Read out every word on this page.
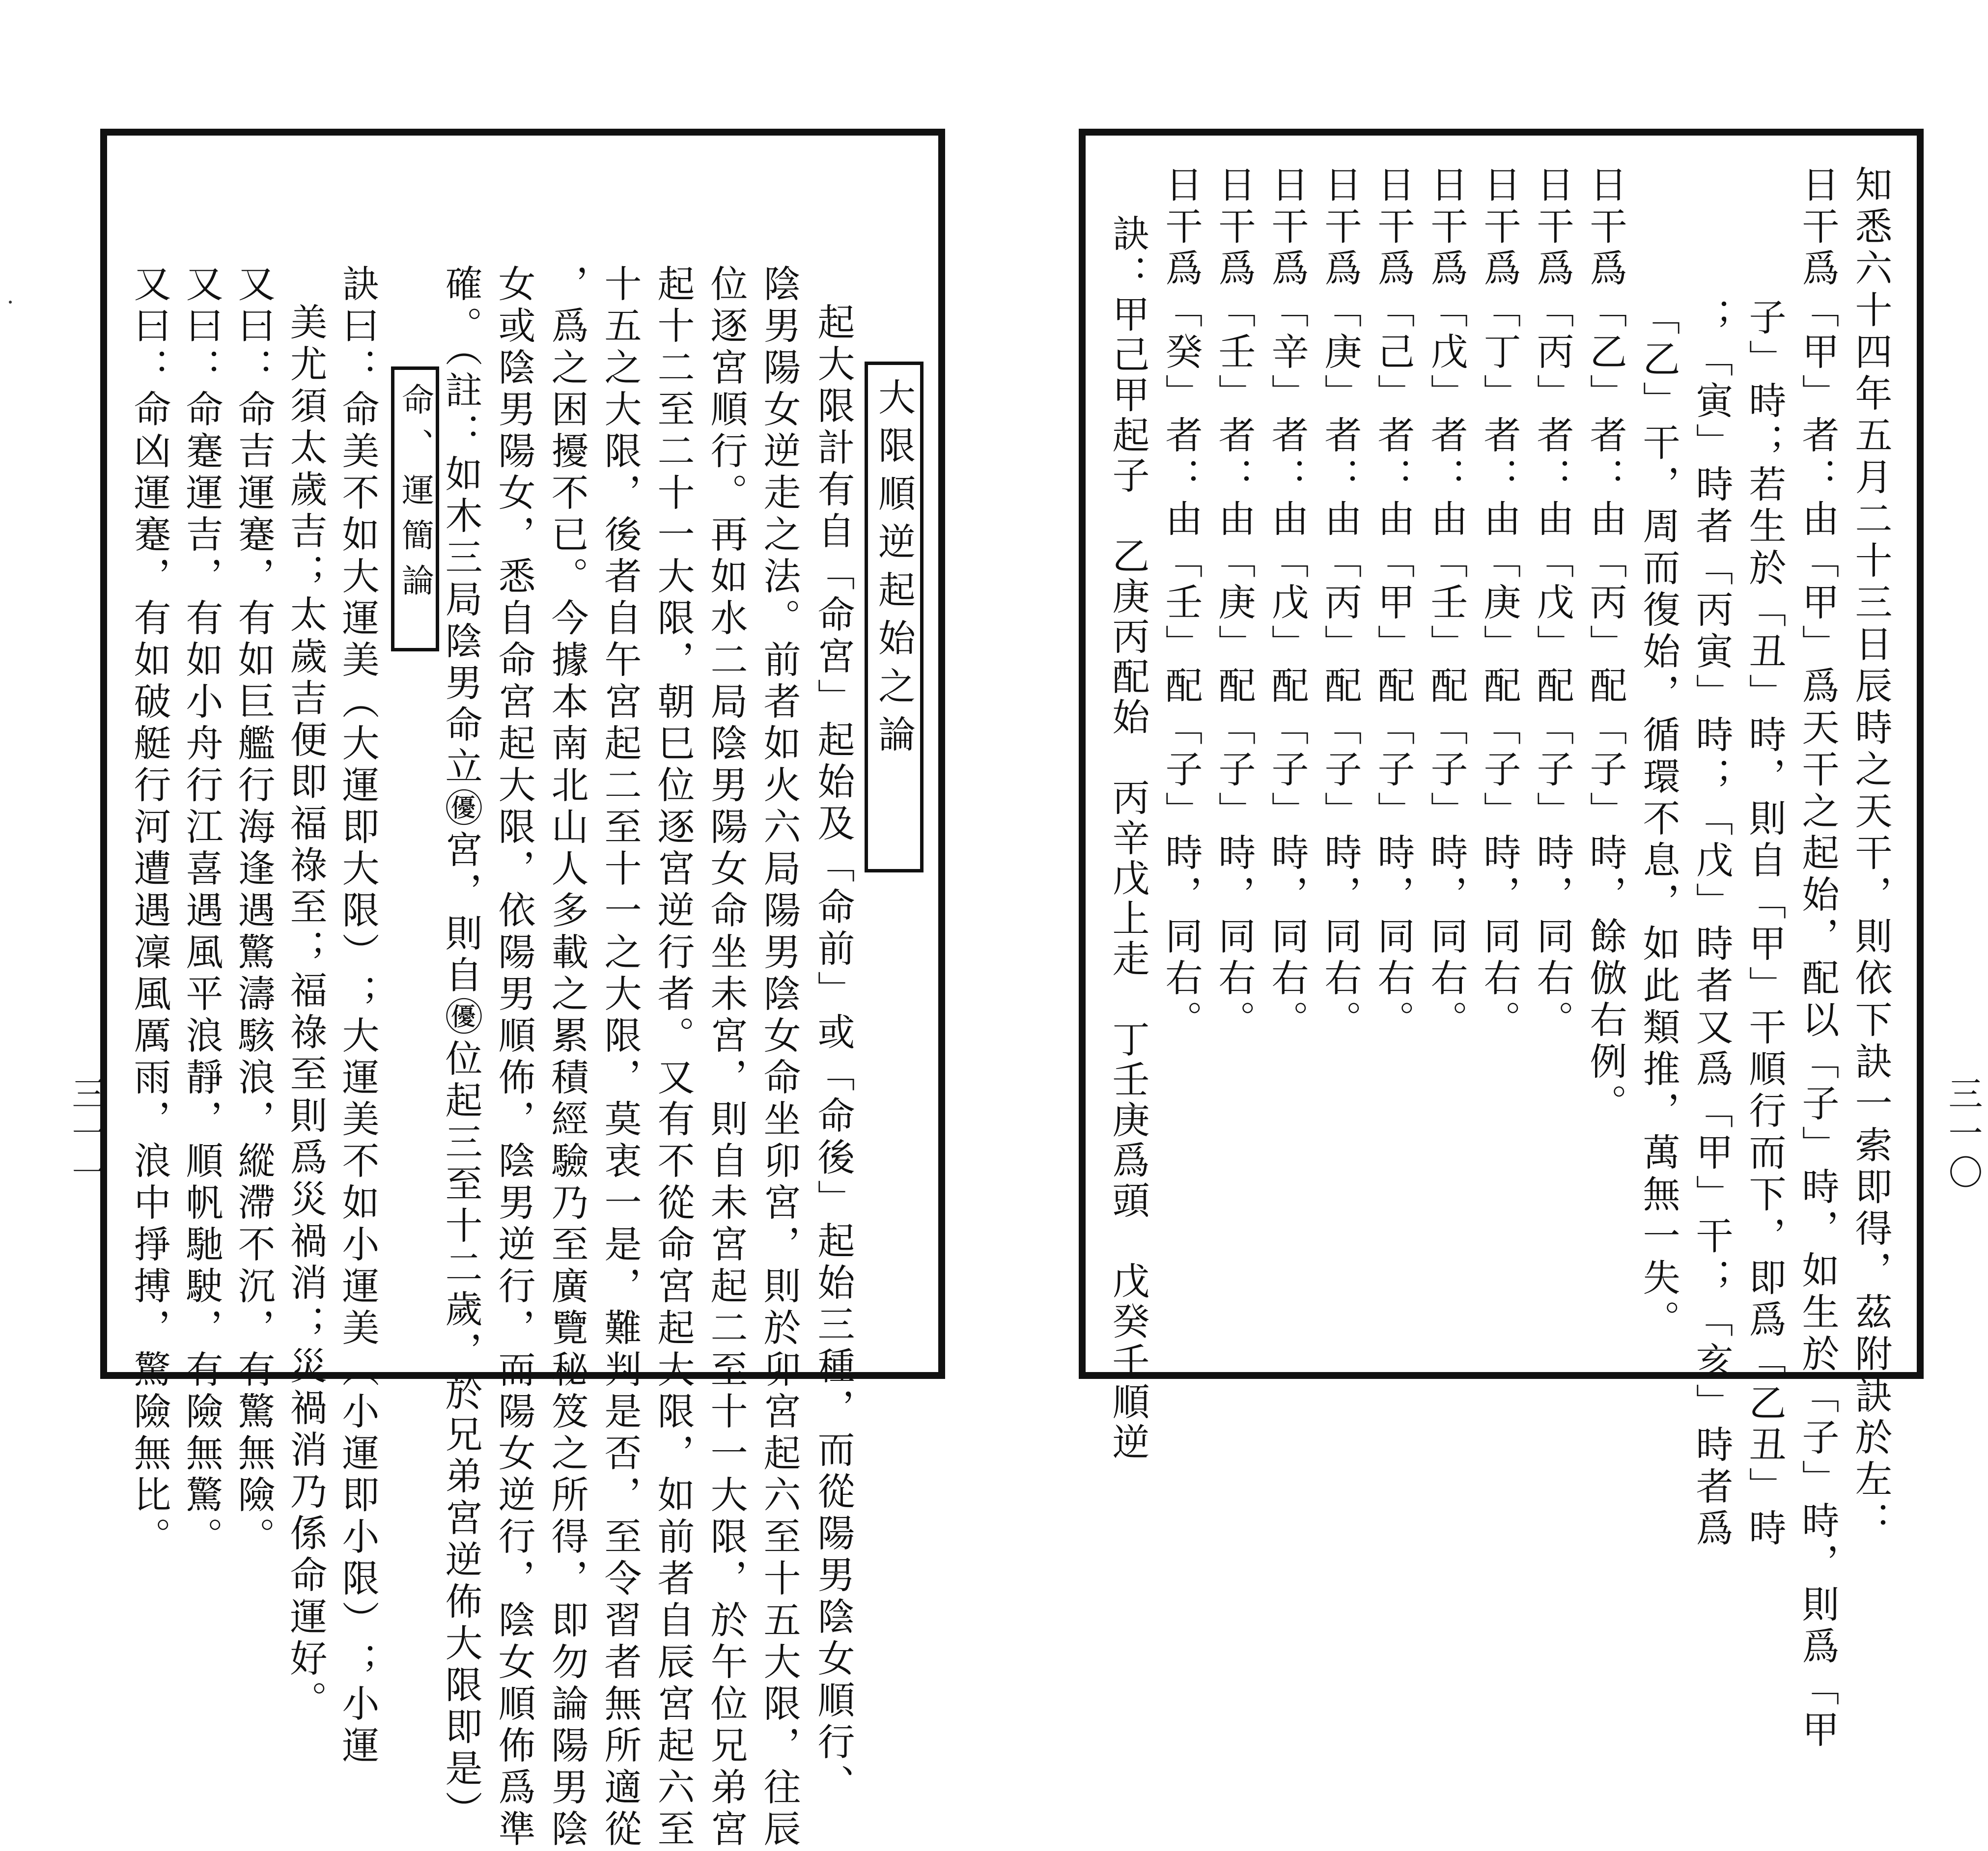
三一一
大限順逆起始之論
起大限計有自「命宮」起始及「命前」或「命後」起始三種，而從陽男陰女順行、
陰男陽女逆走之法。前者如火六局陽男陰女命坐卯宮，則於卯宮起六至十五大限，往辰
位逐宮順行。再如水二局陰男陽女命坐未宮，則自未宮起二至十一大限，於午位兄弟宮
起十二至二十一大限，朝巳位逐宮逆行者。又有不從命宮起大限，如前者自辰宮起六至
十五之大限，後者自午宮起二至十一之大限，莫衷一是，難判是否，至令習者無所適從
，爲之困擾不已。今據本南北山人多載之累積經驗乃至廣覽秘笈之所得，即勿論陽男陰
女或陰男陽女，悉自命宮起大限，依陽男順佈，陰男逆行，而陽女逆行，陰女順佈爲準
確。（註：如木三局陰男命立㊝宮，則自㊝位起三至十二歲，於兄弟宮逆佈大限即是）
命、運簡論
訣曰：命美不如大運美（大運即大限）；大運美不如小運美（小運即小限）；小運
美尤須太歲吉；太歲吉便即福祿至；福祿至則爲災禍消；災禍消乃係命運好。
又曰：命吉運蹇，有如巨艦行海逢遇驚濤駭浪，縱滯不沉，有驚無險。
又曰：命蹇運吉，有如小舟行江喜遇風平浪靜，順帆馳駛，有險無驚。
又曰：命凶運蹇，有如破艇行河遭遇凜風厲雨，浪中掙搏，驚險無比。	三一〇
知悉六十四年五月二十三日辰時之天干，則依下訣一索即得，茲附訣於左：
日干爲「甲」者：由「甲」爲天干之起始，配以「子」時，如生於「子」時，則爲「甲
子」時；若生於「丑」時，則自「甲」干順行而下，即爲「乙丑」時
；「寅」時者「丙寅」時；「戊」時者又爲「甲」干；「亥」時者爲
「乙」干，周而復始，循環不息，如此類推，萬無一失。
日干爲「乙」者：由「丙」配「子」時，餘倣右例。
日干爲「丙」者：由「戊」配「子」時，同右。
日干爲「丁」者：由「庚」配「子」時，同右。
日干爲「戊」者：由「壬」配「子」時，同右。
日干爲「己」者：由「甲」配「子」時，同右。
日干爲「庚」者：由「丙」配「子」時，同右。
日干爲「辛」者：由「戊」配「子」時，同右。
日干爲「壬」者：由「庚」配「子」時，同右。
日干爲「癸」者：由「壬」配「子」時，同右。
訣：甲己甲起子　乙庚丙配始　丙辛戊上走　丁壬庚爲頭　戊癸壬順逆
